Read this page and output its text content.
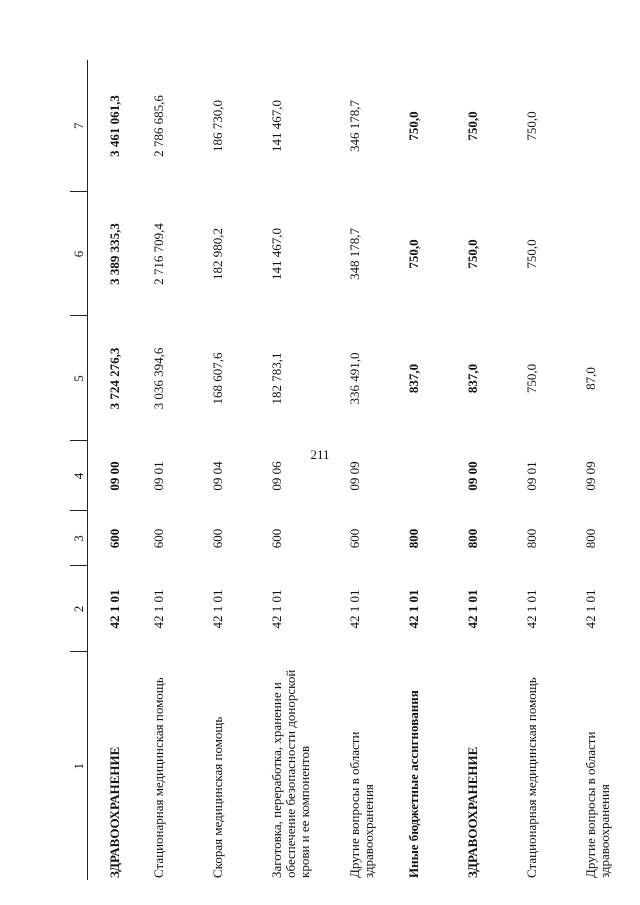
211
1	2	3	4	5	6	7
ЗДРАВООХРАНЕНИЕ	42 1 01	600	09 00	3 724 276,3	3 389 335,3	3 461 061,3
Стационарная медицинская помощь	42 1 01	600	09 01	3 036 394,6	2 716 709,4	2 786 685,6
Скорая медицинская помощь	42 1 01	600	09 04	168 607,6	182 980,2	186 730,0
Заготовка, переработка, хранение и обеспечение безопасности донорской крови и ее компонентов	42 1 01	600	09 06	182 783,1	141 467,0	141 467,0
Другие вопросы в области здравоохранения	42 1 01	600	09 09	336 491,0	348 178,7	346 178,7
Иные бюджетные ассигнования	42 1 01	800		837,0	750,0	750,0
ЗДРАВООХРАНЕНИЕ	42 1 01	800	09 00	837,0	750,0	750,0
Стационарная медицинская помощь	42 1 01	800	09 01	750,0	750,0	750,0
Другие вопросы в области здравоохранения	42 1 01	800	09 09	87,0		
